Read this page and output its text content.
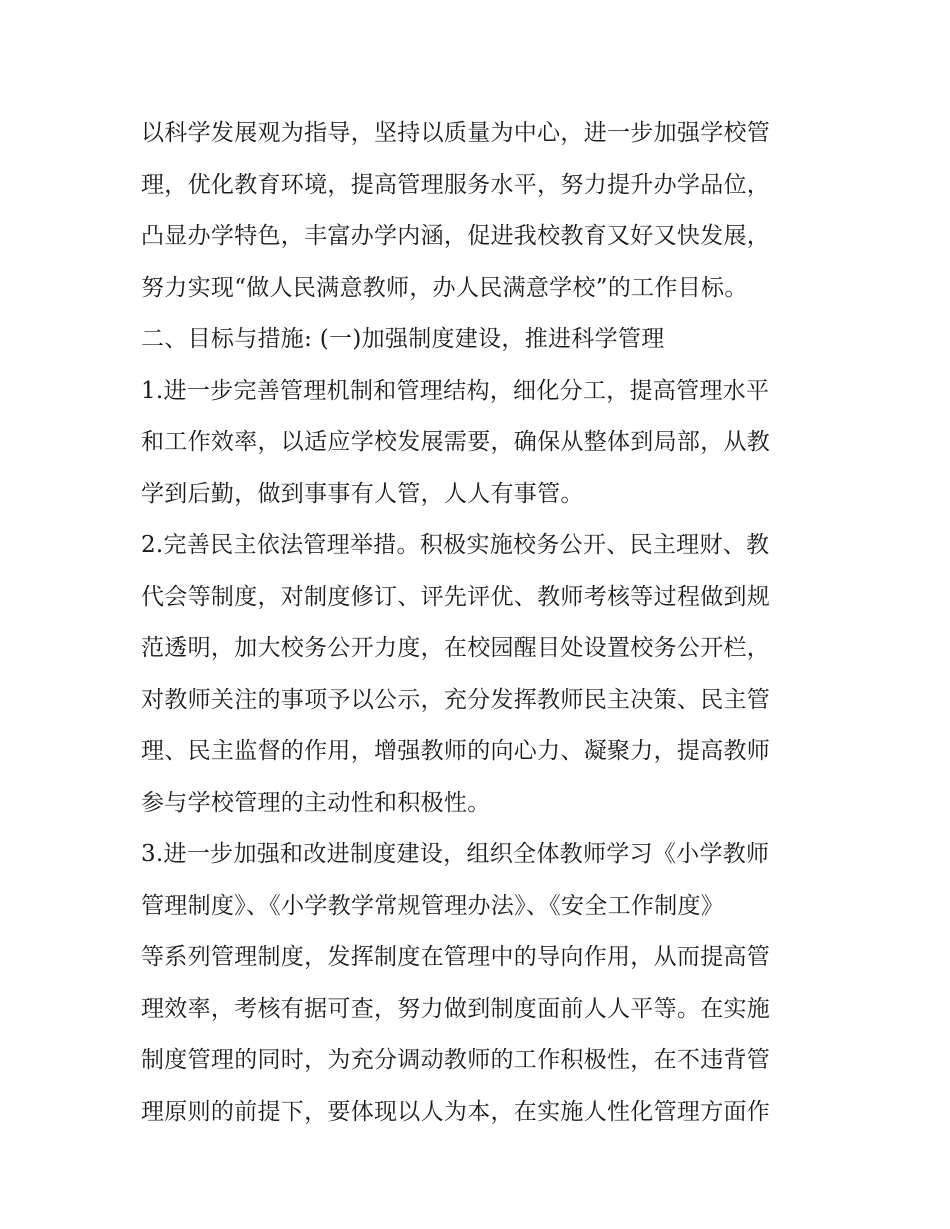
以科学发展观为指导，坚持以质量为中心，进一步加强学校管
理，优化教育环境，提高管理服务水平，努力提升办学品位，
凸显办学特色，丰富办学内涵，促进我校教育又好又快发展，
努力实现“做人民满意教师，办人民满意学校”的工作目标。
二、目标与措施: (一)加强制度建设，推进科学管理
1.进一步完善管理机制和管理结构，细化分工，提高管理水平
和工作效率，以适应学校发展需要，确保从整体到局部，从教
学到后勤，做到事事有人管，人人有事管。
2.完善民主依法管理举措。积极实施校务公开、民主理财、教
代会等制度，对制度修订、评先评优、教师考核等过程做到规
范透明，加大校务公开力度，在校园醒目处设置校务公开栏，
对教师关注的事项予以公示，充分发挥教师民主决策、民主管
理、民主监督的作用，增强教师的向心力、凝聚力，提高教师
参与学校管理的主动性和积极性。
3.进一步加强和改进制度建设，组织全体教师学习《小学教师
管理制度》、《小学教学常规管理办法》、《安全工作制度》
等系列管理制度，发挥制度在管理中的导向作用，从而提高管
理效率，考核有据可查，努力做到制度面前人人平等。在实施
制度管理的同时，为充分调动教师的工作积极性，在不违背管
理原则的前提下，要体现以人为本，在实施人性化管理方面作
